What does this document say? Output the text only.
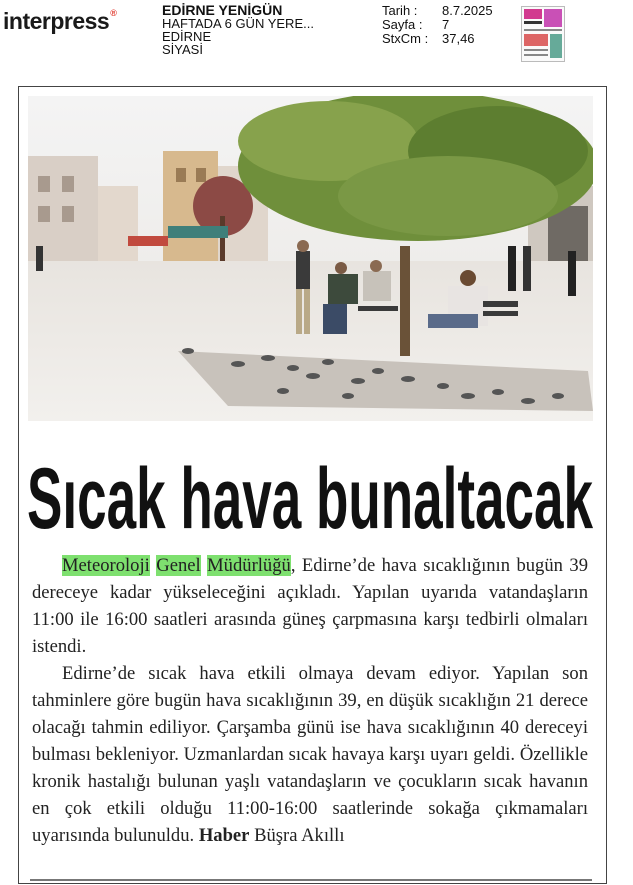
interpress®	EDİRNE YENİGÜN
HAFTADA 6 GÜN YERE...
EDİRNE
SİYASİ
Tarih :	8.7.2025
Sayfa :	7
StxCm :	37,46
Sıcak hava bunaltacak

Meteoroloji Genel Müdürlüğü, Edirne’de hava sıcaklığının bugün 39 dereceye kadar yükseleceğini açıkladı. Yapılan uyarıda vatandaşların 11:00 ile 16:00 saatleri arasında güneş çarpmasına karşı tedbirli olmaları istendi.

Edirne’de sıcak hava etkili olmaya devam ediyor. Yapılan son tahminlere göre bugün hava sıcaklığının 39, en düşük sıcaklığın 21 derece olacağı tahmin ediliyor. Çarşamba günü ise hava sıcaklığının 40 dereceyi bulması bekleniyor. Uzmanlardan sıcak havaya karşı uyarı geldi. Özellikle kronik hastalığı bulunan yaşlı vatandaşların ve çocukların sıcak havanın en çok etkili olduğu 11:00-16:00 saatlerinde sokağa çıkmamaları uyarısında bulunuldu. Haber Büşra Akıllı
